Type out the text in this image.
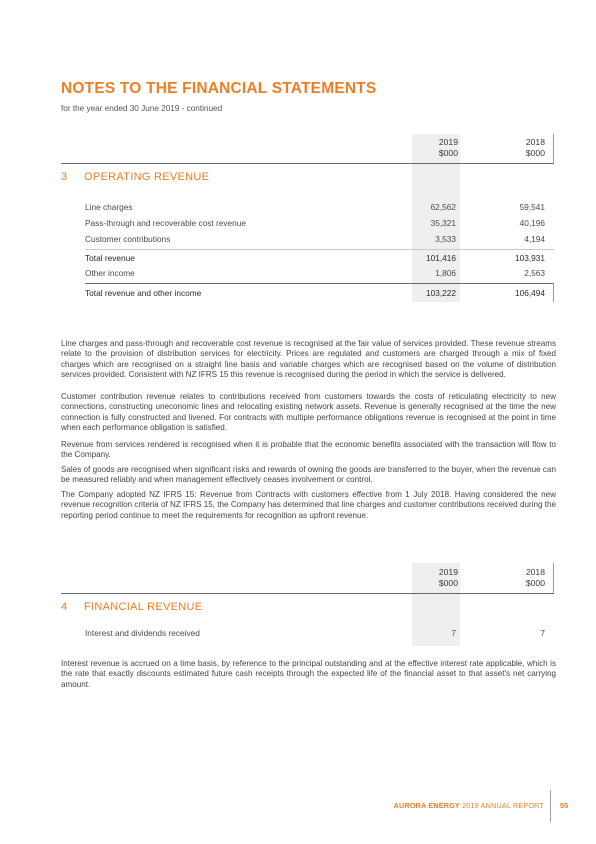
NOTES TO THE FINANCIAL STATEMENTS
for the year ended 30 June 2019 - continued
2019
$000
2018
$000
3 OPERATING REVENUE
Line charges	62,562	59,541
Pass-through and recoverable cost revenue	35,321	40,196
Customer contributions	3,533	4,194
Total revenue	101,416	103,931
Other income	1,806	2,563
Total revenue and other income	103,222	106,494

Line charges and pass-through and recoverable cost revenue is recognised at the fair value of services provided. These revenue streams relate to the provision of distribution services for electricity. Prices are regulated and customers are charged through a mix of fixed charges which are recognised on a straight line basis and variable charges which are recognised based on the volume of distribution services provided. Consistent with NZ IFRS 15 this revenue is recognised during the period in which the service is delivered.

Customer contribution revenue relates to contributions received from customers towards the costs of reticulating electricity to new connections, constructing uneconomic lines and relocating existing network assets. Revenue is generally recognised at the time the new connection is fully constructed and livened. For contracts with multiple performance obligations revenue is recognised at the point in time when each performance obligation is satisfied.

Revenue from services rendered is recognised when it is probable that the economic benefits associated with the transaction will flow to the Company.

Sales of goods are recognised when significant risks and rewards of owning the goods are transferred to the buyer, when the revenue can be measured reliably and when management effectively ceases involvement or control.

The Company adopted NZ IFRS 15: Revenue from Contracts with customers effective from 1 July 2018. Having considered the new revenue recognition criteria of NZ IFRS 15, the Company has determined that line charges and customer contributions received during the reporting period continue to meet the requirements for recognition as upfront revenue.

2019
$000
2018
$000
4 FINANCIAL REVENUE
Interest and dividends received	7	7

Interest revenue is accrued on a time basis, by reference to the principal outstanding and at the effective interest rate applicable, which is the rate that exactly discounts estimated future cash receipts through the expected life of the financial asset to that asset's net carrying amount.

AURORA ENERGY 2019 ANNUAL REPORT 55
